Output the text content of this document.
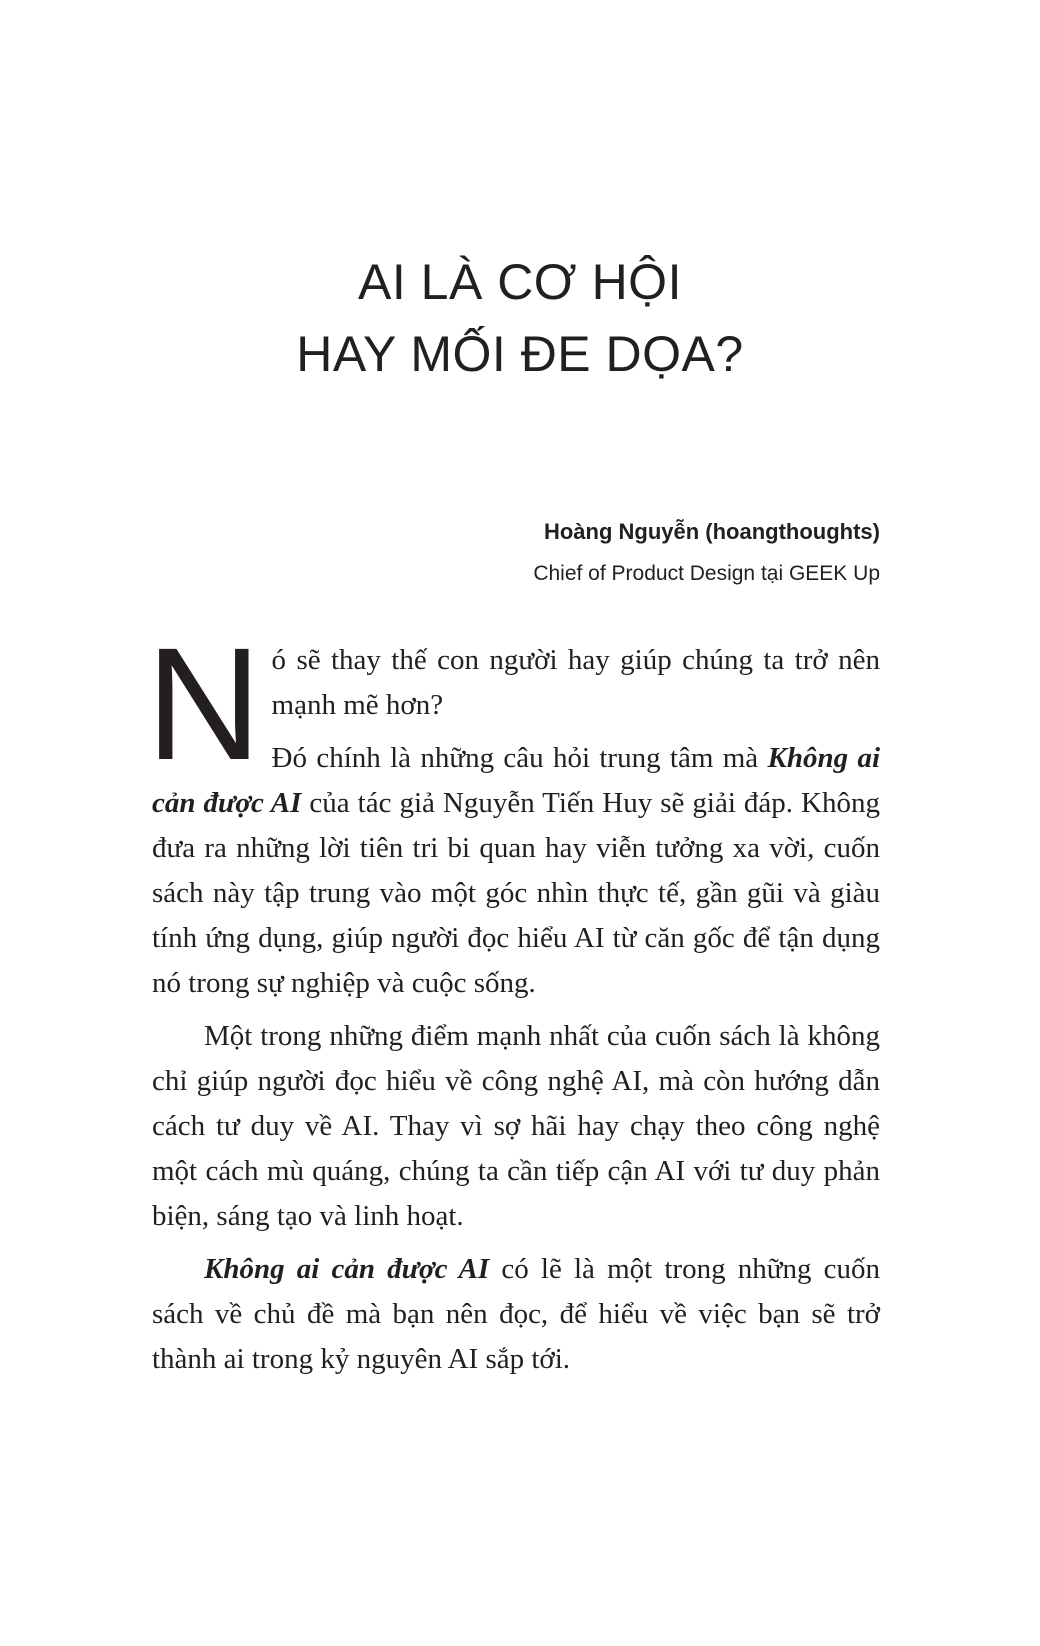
AI LÀ CƠ HỘI
HAY MỐI ĐE DỌA?
Hoàng Nguyễn (hoangthoughts)
Chief of Product Design tại GEEK Up

N ó sẽ thay thế con người hay giúp chúng ta trở nên mạnh mẽ hơn?

Đó chính là những câu hỏi trung tâm mà Không ai cản được AI của tác giả Nguyễn Tiến Huy sẽ giải đáp. Không đưa ra những lời tiên tri bi quan hay viễn tưởng xa vời, cuốn sách này tập trung vào một góc nhìn thực tế, gần gũi và giàu tính ứng dụng, giúp người đọc hiểu AI từ căn gốc để tận dụng nó trong sự nghiệp và cuộc sống.

Một trong những điểm mạnh nhất của cuốn sách là không chỉ giúp người đọc hiểu về công nghệ AI, mà còn hướng dẫn cách tư duy về AI. Thay vì sợ hãi hay chạy theo công nghệ một cách mù quáng, chúng ta cần tiếp cận AI với tư duy phản biện, sáng tạo và linh hoạt.

Không ai cản được AI có lẽ là một trong những cuốn sách về chủ đề mà bạn nên đọc, để hiểu về việc bạn sẽ trở thành ai trong kỷ nguyên AI sắp tới.
